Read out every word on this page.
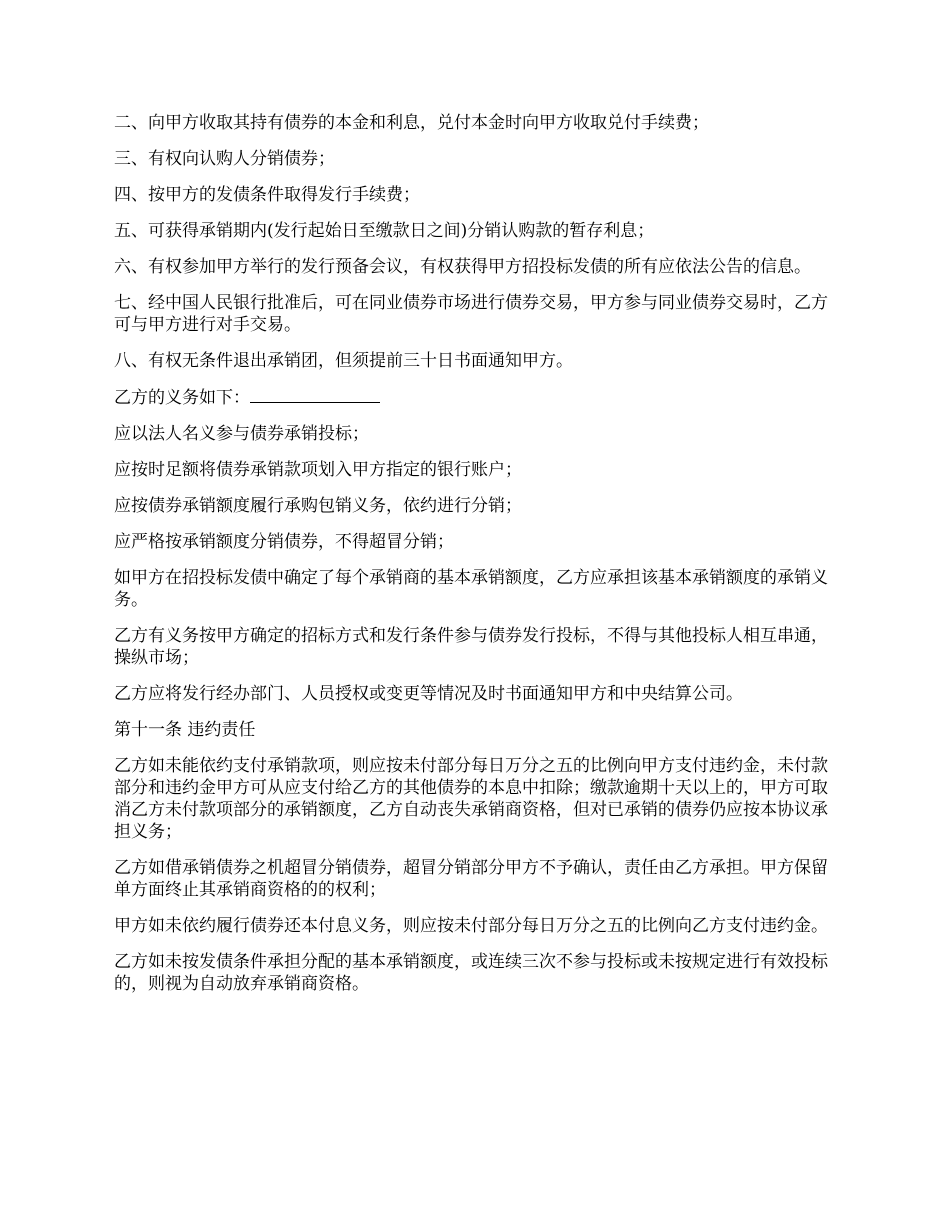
二、向甲方收取其持有债券的本金和利息，兑付本金时向甲方收取兑付手续费；

三、有权向认购人分销债券；

四、按甲方的发债条件取得发行手续费；

五、可获得承销期内(发行起始日至缴款日之间)分销认购款的暂存利息；

六、有权参加甲方举行的发行预备会议，有权获得甲方招投标发债的所有应依法公告的信息。

七、经中国人民银行批准后，可在同业债券市场进行债券交易，甲方参与同业债券交易时，乙方可与甲方进行对手交易。

八、有权无条件退出承销团，但须提前三十日书面通知甲方。

乙方的义务如下：

应以法人名义参与债券承销投标；

应按时足额将债券承销款项划入甲方指定的银行账户；

应按债券承销额度履行承购包销义务，依约进行分销；

应严格按承销额度分销债券，不得超冒分销；

如甲方在招投标发债中确定了每个承销商的基本承销额度，乙方应承担该基本承销额度的承销义务。

乙方有义务按甲方确定的招标方式和发行条件参与债券发行投标，不得与其他投标人相互串通，操纵市场；

乙方应将发行经办部门、人员授权或变更等情况及时书面通知甲方和中央结算公司。

第十一条 违约责任

乙方如未能依约支付承销款项，则应按未付部分每日万分之五的比例向甲方支付违约金，未付款部分和违约金甲方可从应支付给乙方的其他债券的本息中扣除；缴款逾期十天以上的，甲方可取消乙方未付款项部分的承销额度，乙方自动丧失承销商资格，但对已承销的债券仍应按本协议承担义务；

乙方如借承销债券之机超冒分销债券，超冒分销部分甲方不予确认，责任由乙方承担。甲方保留单方面终止其承销商资格的的权利；

甲方如未依约履行债券还本付息义务，则应按未付部分每日万分之五的比例向乙方支付违约金。

乙方如未按发债条件承担分配的基本承销额度，或连续三次不参与投标或未按规定进行有效投标的，则视为自动放弃承销商资格。
